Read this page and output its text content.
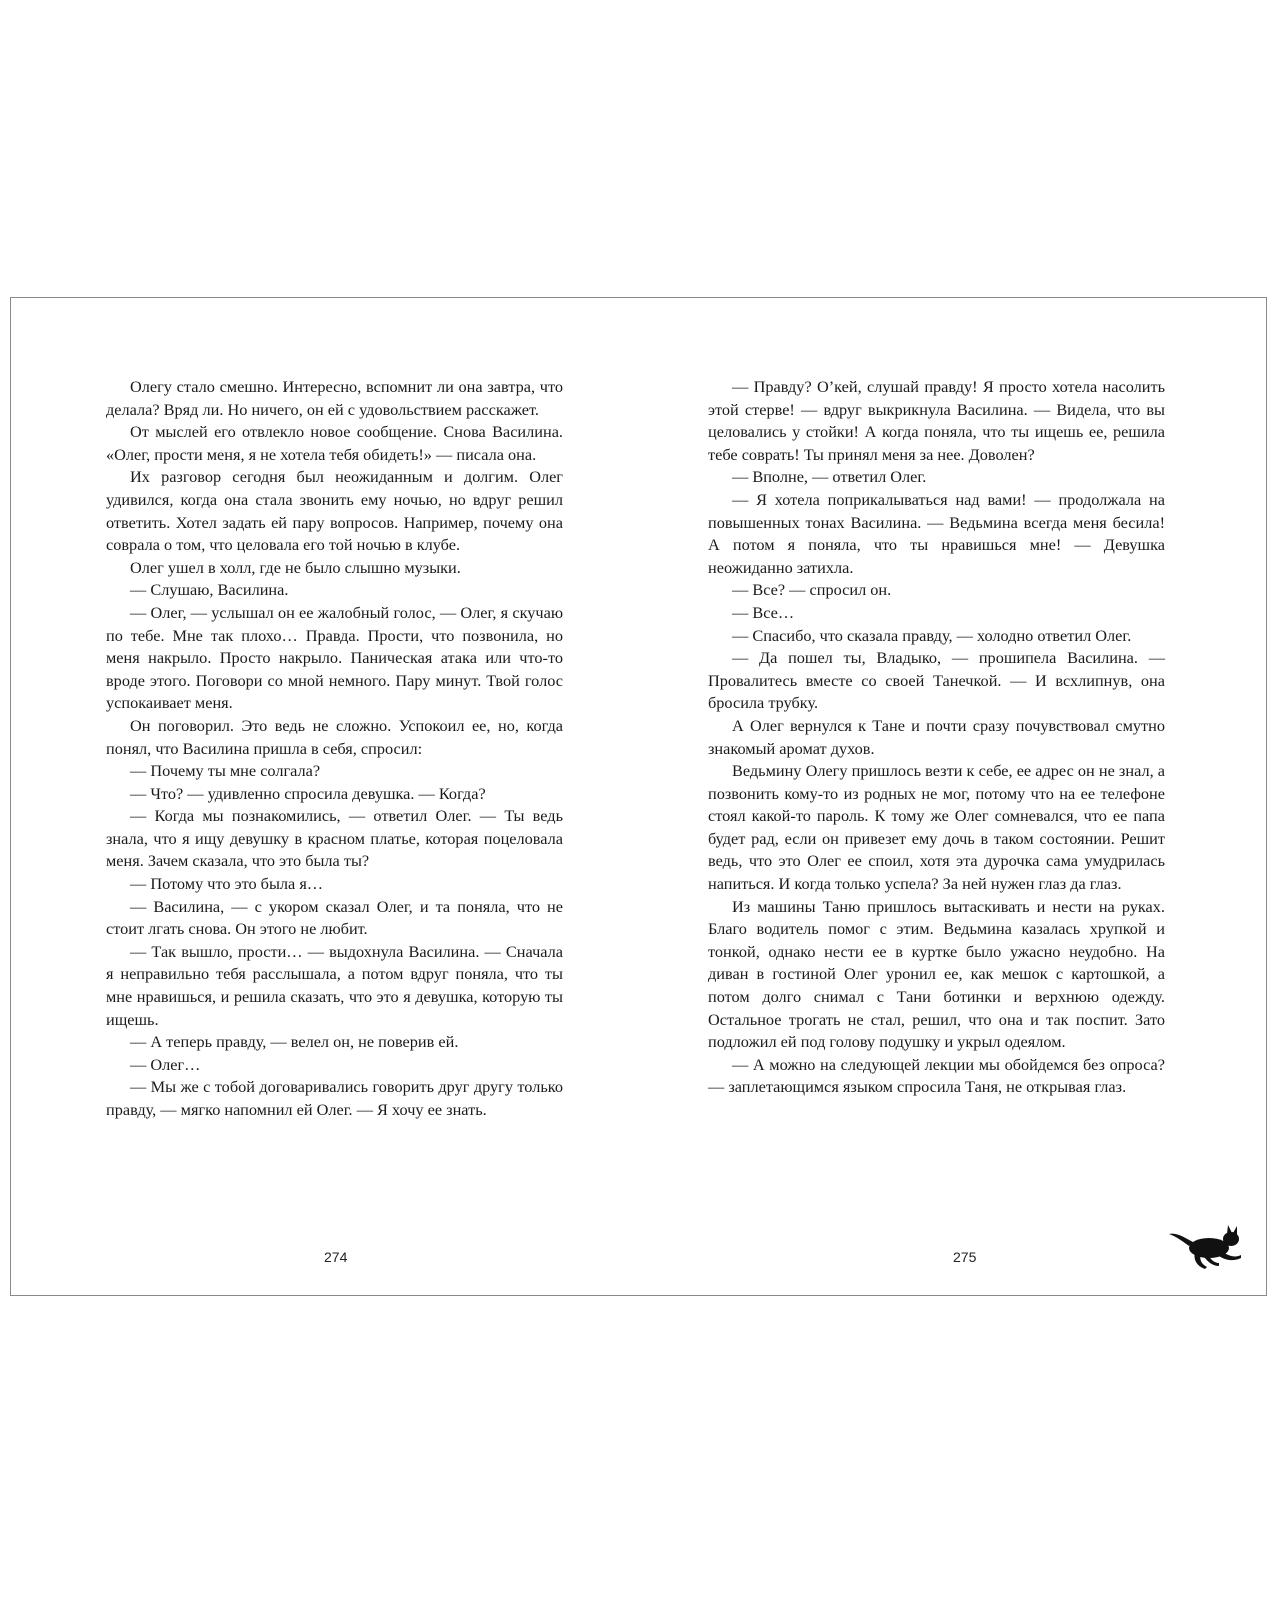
Олегу стало смешно. Интересно, вспомнит ли она завтра, что делала? Вряд ли. Но ничего, он ей с удовольствием расскажет.

От мыслей его отвлекло новое сообщение. Снова Василина. «Олег, прости меня, я не хотела тебя обидеть!» — писала она.

Их разговор сегодня был неожиданным и долгим. Олег удивился, когда она стала звонить ему ночью, но вдруг решил ответить. Хотел задать ей пару вопросов. Например, почему она соврала о том, что целовала его той ночью в клубе.

Олег ушел в холл, где не было слышно музыки.

— Слушаю, Василина.

— Олег, — услышал он ее жалобный голос, — Олег, я скучаю по тебе. Мне так плохо… Правда. Прости, что позвонила, но меня накрыло. Просто накрыло. Паническая атака или что-то вроде этого. Поговори со мной немного. Пару минут. Твой голос успокаивает меня.

Он поговорил. Это ведь не сложно. Успокоил ее, но, когда понял, что Василина пришла в себя, спросил:

— Почему ты мне солгала?

— Что? — удивленно спросила девушка. — Когда?

— Когда мы познакомились, — ответил Олег. — Ты ведь знала, что я ищу девушку в красном платье, которая поцеловала меня. Зачем сказала, что это была ты?

— Потому что это была я…

— Василина, — с укором сказал Олег, и та поняла, что не стоит лгать снова. Он этого не любит.

— Так вышло, прости… — выдохнула Василина. — Сначала я неправильно тебя расслышала, а потом вдруг поняла, что ты мне нравишься, и решила сказать, что это я девушка, которую ты ищешь.

— А теперь правду, — велел он, не поверив ей.

— Олег…

— Мы же с тобой договаривались говорить друг другу только правду, — мягко напомнил ей Олег. — Я хочу ее знать.

— Правду? О’кей, слушай правду! Я просто хотела насолить этой стерве! — вдруг выкрикнула Василина. — Видела, что вы целовались у стойки! А когда поняла, что ты ищешь ее, решила тебе соврать! Ты принял меня за нее. Доволен?

— Вполне, — ответил Олег.

— Я хотела поприкалываться над вами! — продолжала на повышенных тонах Василина. — Ведьмина всегда меня бесила! А потом я поняла, что ты нравишься мне! — Девушка неожиданно затихла.

— Все? — спросил он.

— Все…

— Спасибо, что сказала правду, — холодно ответил Олег.

— Да пошел ты, Владыко, — прошипела Василина. — Провалитесь вместе со своей Танечкой. — И всхлипнув, она бросила трубку.

А Олег вернулся к Тане и почти сразу почувствовал смутно знакомый аромат духов.

Ведьмину Олегу пришлось везти к себе, ее адрес он не знал, а позвонить кому-то из родных не мог, потому что на ее телефоне стоял какой-то пароль. К тому же Олег сомневался, что ее папа будет рад, если он привезет ему дочь в таком состоянии. Решит ведь, что это Олег ее споил, хотя эта дурочка сама умудрилась напиться. И когда только успела? За ней нужен глаз да глаз.

Из машины Таню пришлось вытаскивать и нести на руках. Благо водитель помог с этим. Ведьмина казалась хрупкой и тонкой, однако нести ее в куртке было ужасно неудобно. На диван в гостиной Олег уронил ее, как мешок с картошкой, а потом долго снимал с Тани ботинки и верхнюю одежду. Остальное трогать не стал, решил, что она и так поспит. Зато подложил ей под голову подушку и укрыл одеялом.

— А можно на следующей лекции мы обойдемся без опроса? — заплетающимся языком спросила Таня, не открывая глаз.

274	275
